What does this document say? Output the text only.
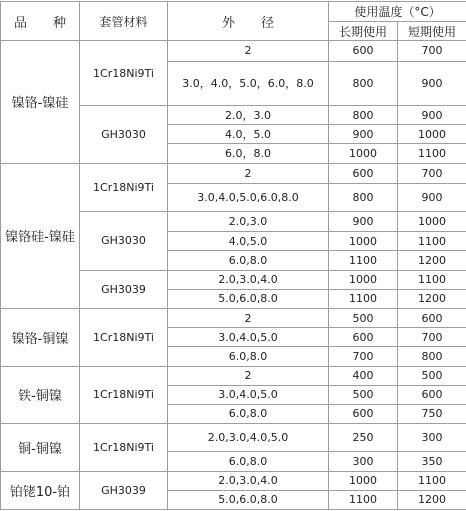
品　　种	套管材料	外　　径	使用温度（°C）	
			长期使用	短期使用
镍铬-镍硅	1Cr18Ni9Ti	2	600	700
		3.0，4.0，5.0，6.0，8.0	800	900
	GH3030	2.0，3.0	800	900
		4.0，5.0	900	1000
		6.0，8.0	1000	1100
镍铬硅-镍硅	1Cr18Ni9Ti	2	600	700
		3.0,4.0,5.0,6.0,8.0	800	900
	GH3030	2.0,3.0	900	1000
		4.0,5.0	1000	1100
		6.0,8.0	1100	1200
	GH3039	2.0,3.0,4.0	1000	1100
		5.0,6.0,8.0	1100	1200
镍铬-铜镍	1Cr18Ni9Ti	2	500	600
		3.0,4.0,5.0	600	700
		6.0,8.0	700	800
铁-铜镍	1Cr18Ni9Ti	2	400	500
		3.0,4.0,5.0	500	600
		6.0,8.0	600	750
铜-铜镍	1Cr18Ni9Ti	2.0,3.0,4.0,5.0	250	300
		6.0,8.0	300	350
铂铑10-铂	GH3039	2.0,3.0,4.0	1000	1100
		5.0,6.0,8.0	1100	1200
